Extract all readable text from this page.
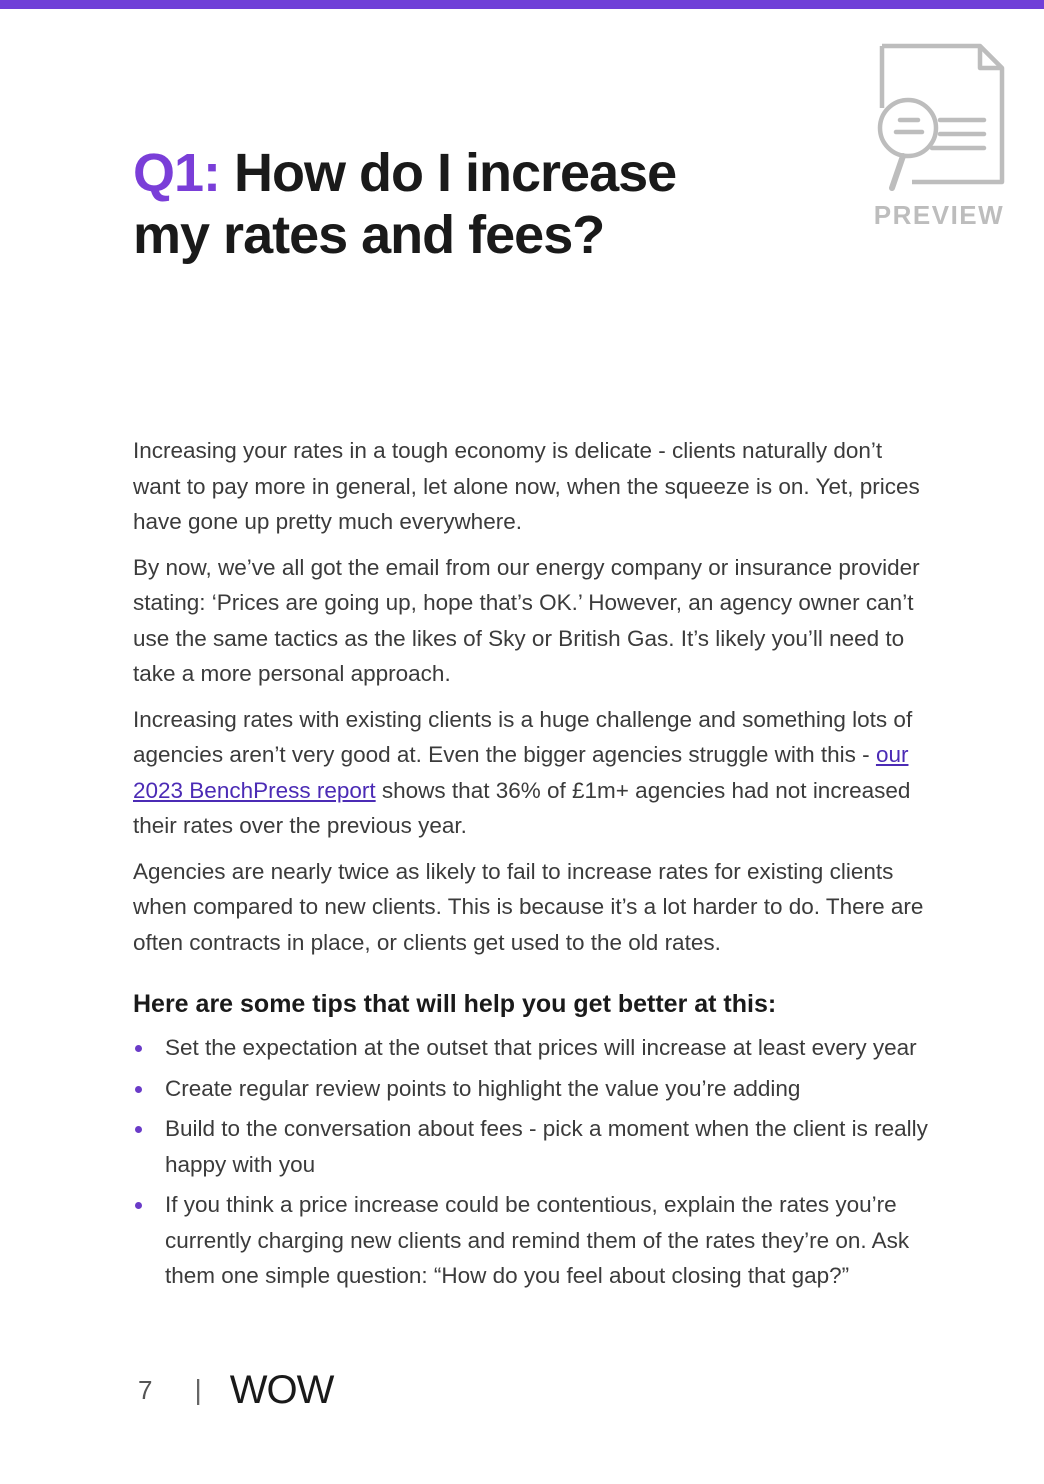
PREVIEW
Q1: How do I increase my rates and fees?

Increasing your rates in a tough economy is delicate - clients naturally don’t want to pay more in general, let alone now, when the squeeze is on. Yet, prices have gone up pretty much everywhere.

By now, we’ve all got the email from our energy company or insurance provider stating: ‘Prices are going up, hope that’s OK.’ However, an agency owner can’t use the same tactics as the likes of Sky or British Gas. It’s likely you’ll need to take a more personal approach.

Increasing rates with existing clients is a huge challenge and something lots of agencies aren’t very good at. Even the bigger agencies struggle with this - our 2023 BenchPress report shows that 36% of £1m+ agencies had not increased their rates over the previous year.

Agencies are nearly twice as likely to fail to increase rates for existing clients when compared to new clients. This is because it’s a lot harder to do. There are often contracts in place, or clients get used to the old rates.

Here are some tips that will help you get better at this:
Set the expectation at the outset that prices will increase at least every year
Create regular review points to highlight the value you’re adding
Build to the conversation about fees - pick a moment when the client is really happy with you
If you think a price increase could be contentious, explain the rates you’re currently charging new clients and remind them of the rates they’re on. Ask them one simple question: “How do you feel about closing that gap?”
7 | WOW
